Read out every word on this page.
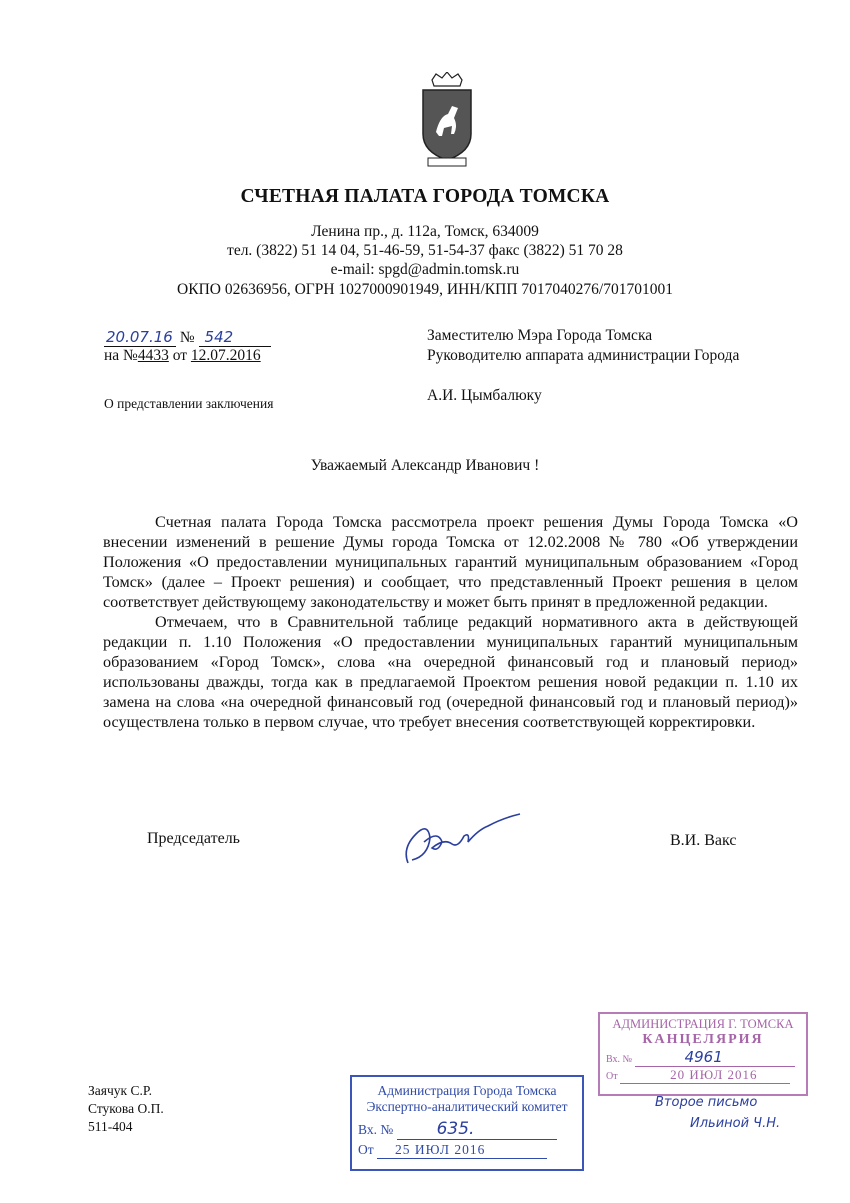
СЧЕТНАЯ ПАЛАТА ГОРОДА ТОМСКА
Ленина пр., д. 112а, Томск, 634009
тел. (3822) 51 14 04, 51-46-59, 51-54-37 факс (3822) 51 70 28
e-mail: spgd@admin.tomsk.ru
ОКПО 02636956, ОГРН 1027000901949, ИНН/КПП 7017040276/701701001
20.07.16 № 542
на №4433 от 12.07.2016
О представлении заключения
Заместителю Мэра Города Томска
Руководителю аппарата администрации Города
А.И. Цымбалюку
Уважаемый Александр Иванович !

Счетная палата Города Томска рассмотрела проект решения Думы Города Томска «О внесении изменений в решение Думы города Томска от 12.02.2008 № 780 «Об утверждении Положения «О предоставлении муниципальных гарантий муниципальным образованием «Город Томск» (далее – Проект решения) и сообщает, что представленный Проект решения в целом соответствует действующему законодательству и может быть принят в предложенной редакции.

Отмечаем, что в Сравнительной таблице редакций нормативного акта в действующей редакции п. 1.10 Положения «О предоставлении муниципальных гарантий муниципальным образованием «Город Томск», слова «на очередной финансовый год и плановый период» использованы дважды, тогда как в предлагаемой Проектом решения новой редакции п. 1.10 их замена на слова «на очередной финансовый год (очередной финансовый год и плановый период)» осуществлена только в первом случае, что требует внесения соответствующей корректировки.

Председатель	В.И. Вакс
Заячук С.Р.
Стукова О.П.
511-404
Администрация Города Томска
Экспертно-аналитический комитет
Вх. №	635.
От 25 ИЮЛ 2016
АДМИНИСТРАЦИЯ Г. ТОМСКА
КАНЦЕЛЯРИЯ
Вх. №	4961
От	20 ИЮЛ 2016
Второе письмо
Ильиной Ч.Н.
